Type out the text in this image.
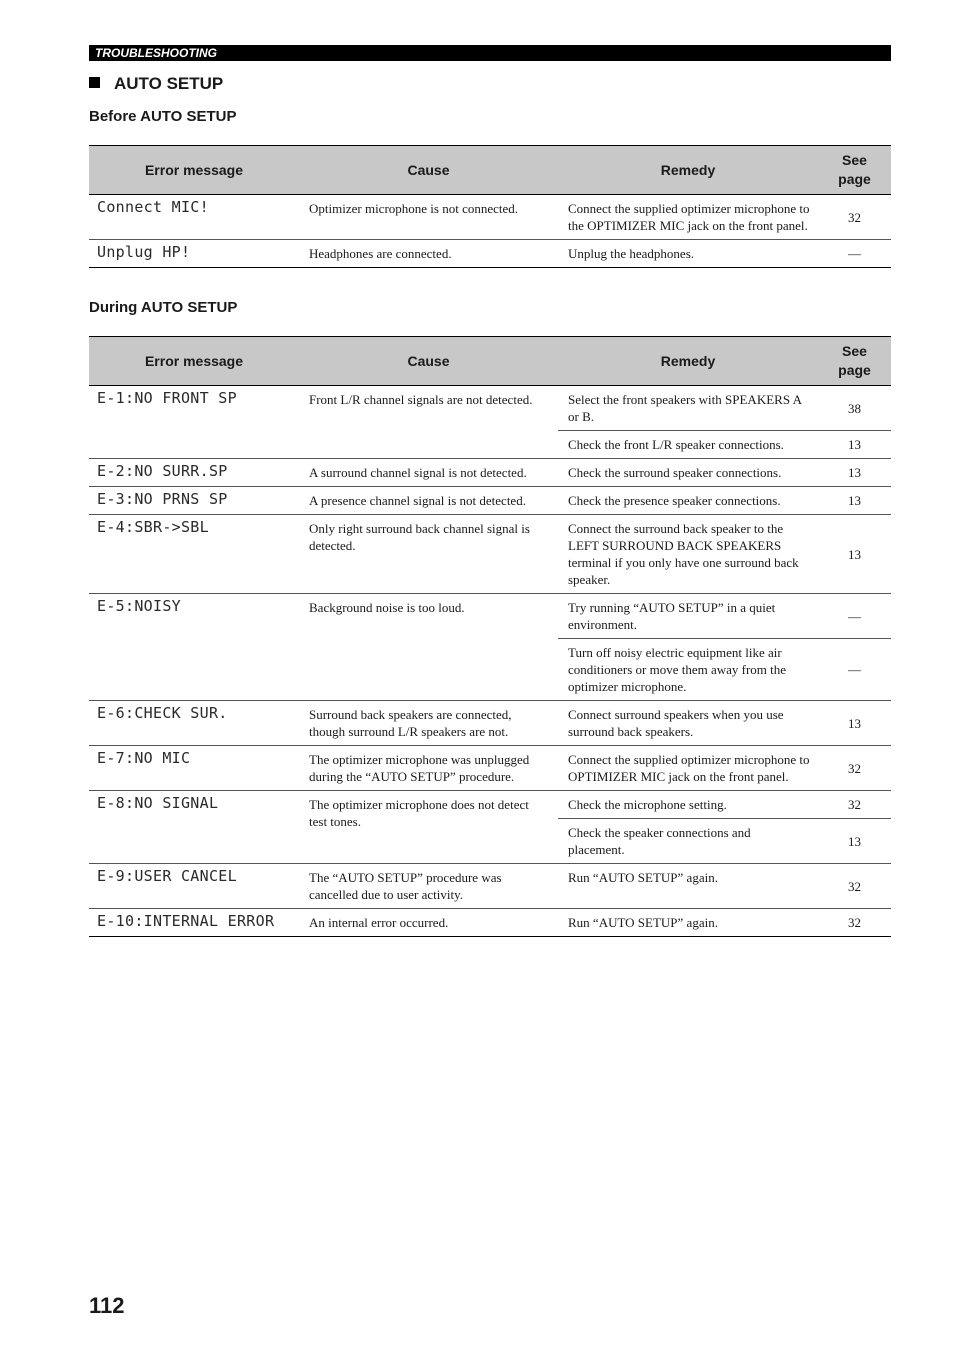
TROUBLESHOOTING
AUTO SETUP
Before AUTO SETUP
Error message	Cause	Remedy	See
page
Connect MIC!	Optimizer microphone is not connected.	Connect the supplied optimizer microphone to the OPTIMIZER MIC jack on the front panel.	32
Unplug HP!	Headphones are connected.	Unplug the headphones.	—
During AUTO SETUP
Error message	Cause	Remedy	See
page
E-1:NO FRONT SP	Front L/R channel signals are not detected.	Select the front speakers with SPEAKERS A or B.	38
		Check the front L/R speaker connections.	13
E-2:NO SURR.SP	A surround channel signal is not detected.	Check the surround speaker connections.	13
E-3:NO PRNS SP	A presence channel signal is not detected.	Check the presence speaker connections.	13
E-4:SBR->SBL	Only right surround back channel signal is detected.	Connect the surround back speaker to the LEFT SURROUND BACK SPEAKERS terminal if you only have one surround back speaker.	13
E-5:NOISY	Background noise is too loud.	Try running “AUTO SETUP” in a quiet environment.	—
		Turn off noisy electric equipment like air conditioners or move them away from the optimizer microphone.	—
E-6:CHECK SUR.	Surround back speakers are connected, though surround L/R speakers are not.	Connect surround speakers when you use surround back speakers.	13
E-7:NO MIC	The optimizer microphone was unplugged during the “AUTO SETUP” procedure.	Connect the supplied optimizer microphone to OPTIMIZER MIC jack on the front panel.	32
E-8:NO SIGNAL	The optimizer microphone does not detect test tones.	Check the microphone setting.	32
		Check the speaker connections and placement.	13
E-9:USER CANCEL	The “AUTO SETUP” procedure was cancelled due to user activity.	Run “AUTO SETUP” again.	32
E-10:INTERNAL ERROR	An internal error occurred.	Run “AUTO SETUP” again.	32
112
